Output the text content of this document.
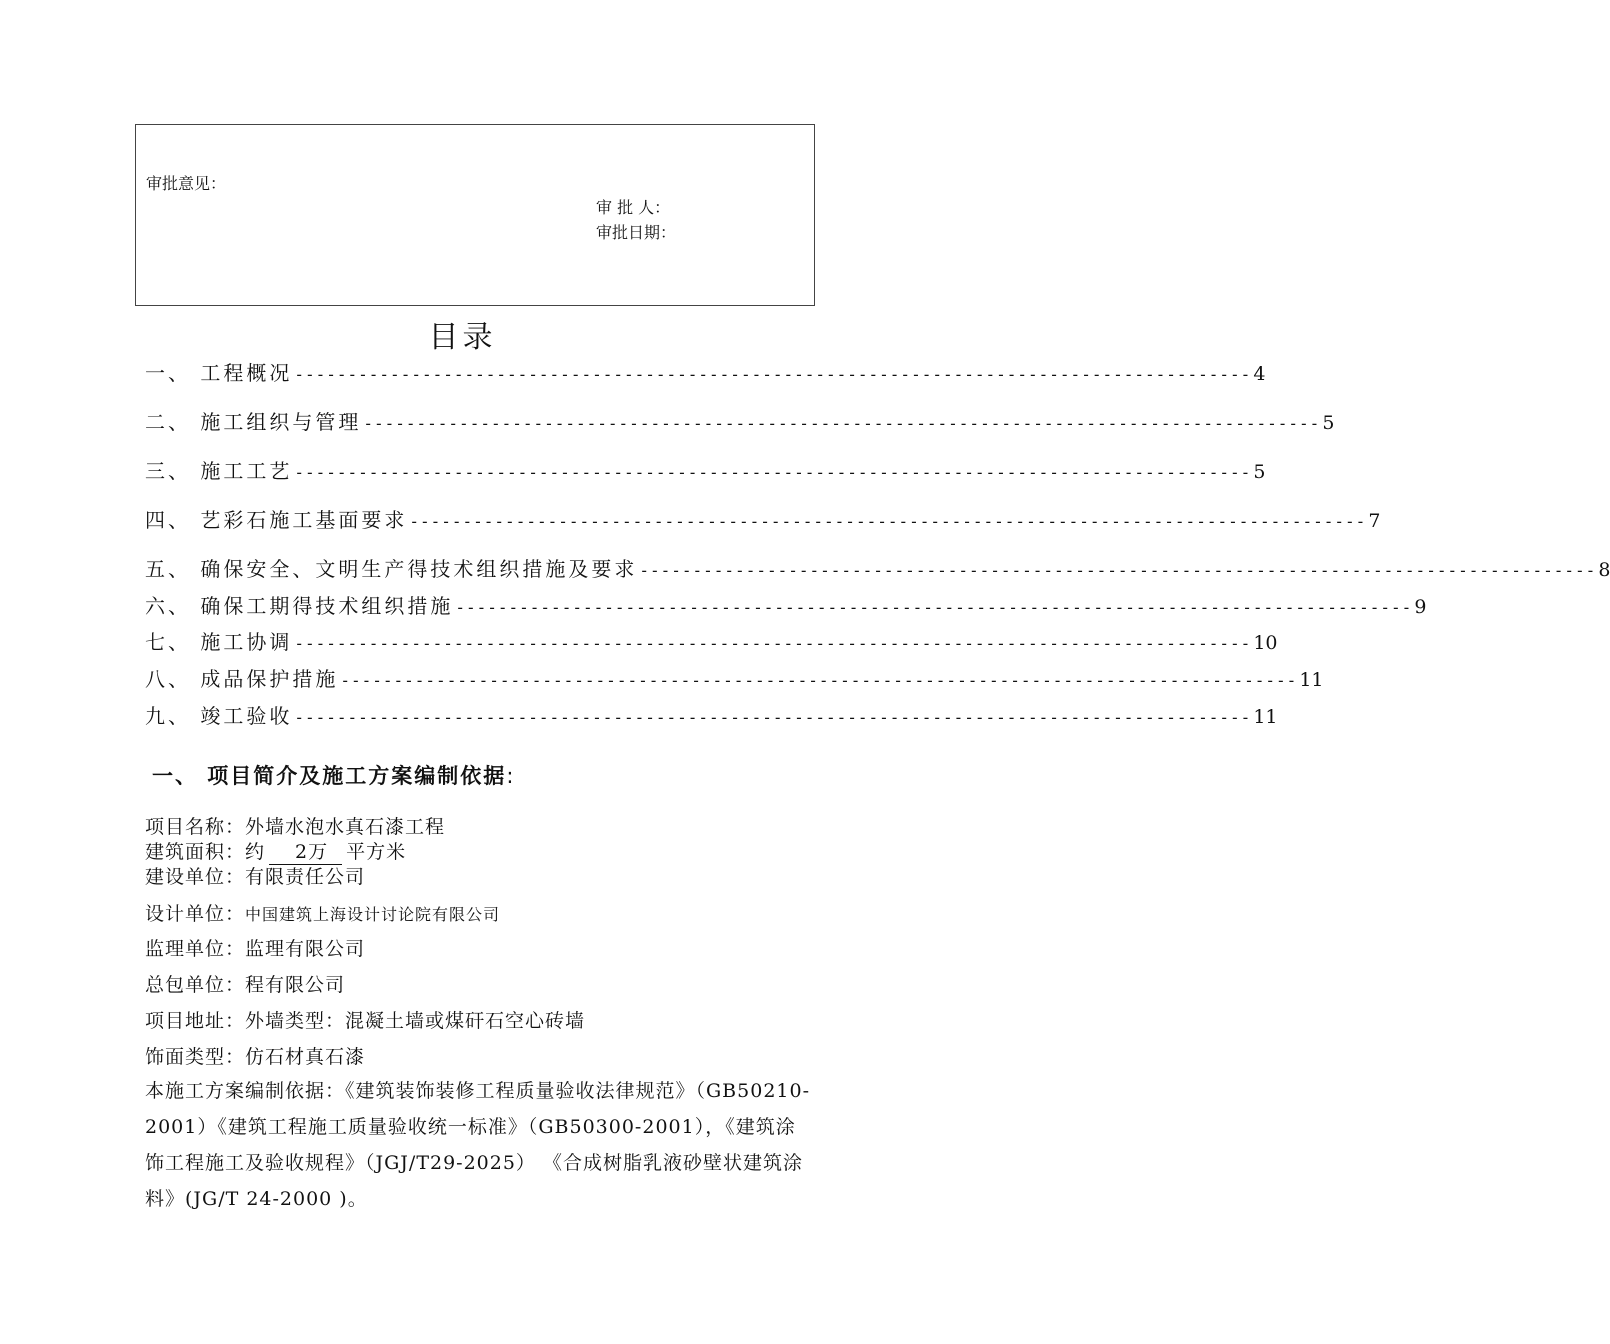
审批意见：
审 批 人：
审批日期：
目录
一、 工程概况 ------------------------------------------------------------------------------------------ 4
二、 施工组织与管理 ------------------------------------------------------------------------------------------ 5
三、 施工工艺 ------------------------------------------------------------------------------------------ 5
四、 艺彩石施工基面要求 ------------------------------------------------------------------------------------------ 7
五、 确保安全、文明生产得技术组织措施及要求 ------------------------------------------------------------------------------------------ 8
六、 确保工期得技术组织措施 ------------------------------------------------------------------------------------------ 9
七、 施工协调 ------------------------------------------------------------------------------------------ 10
八、 成品保护措施 ------------------------------------------------------------------------------------------ 11
九、 竣工验收 ------------------------------------------------------------------------------------------ 11
一、 项目简介及施工方案编制依据:
项目名称：外墙水泡水真石漆工程
建筑面积：约 2万 平方米
建设单位：有限责任公司
设计单位：中国建筑上海设计讨论院有限公司
监理单位：监理有限公司
总包单位：程有限公司
项目地址：外墙类型：混凝土墙或煤矸石空心砖墙
饰面类型：仿石材真石漆
本施工方案编制依据：《建筑装饰装修工程质量验收法律规范》（GB50210-2001）《建筑工程施工质量验收统一标准》（GB50300-2001），《建筑涂饰工程施工及验收规程》（JGJ/T29-2025） 《合成树脂乳液砂壁状建筑涂料》(JG/T 24-2000 )。
